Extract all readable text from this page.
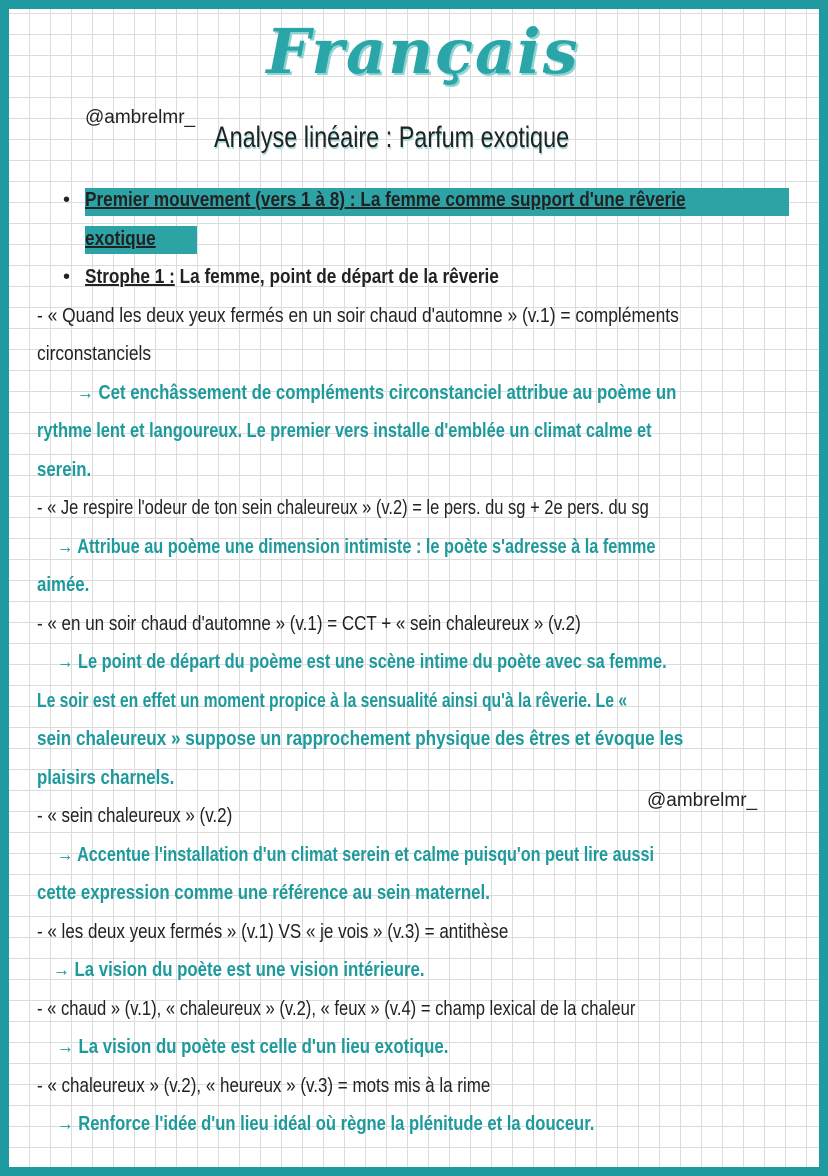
Français
@ambrelmr_
Analyse linéaire : Parfum exotique
• Premier mouvement (vers 1 à 8) : La femme comme support d'une rêverie
exotique
• Strophe 1 : La femme, point de départ de la rêverie
- « Quand les deux yeux fermés en un soir chaud d'automne » (v.1) = compléments
circonstanciels
→ Cet enchâssement de compléments circonstanciel attribue au poème un
rythme lent et langoureux. Le premier vers installe d'emblée un climat calme et
serein.
- « Je respire l'odeur de ton sein chaleureux » (v.2) = le pers. du sg + 2e pers. du sg
→ Attribue au poème une dimension intimiste : le poète s'adresse à la femme
aimée.
- « en un soir chaud d'automne » (v.1) = CCT + « sein chaleureux » (v.2)
→ Le point de départ du poème est une scène intime du poète avec sa femme.
Le soir est en effet un moment propice à la sensualité ainsi qu'à la rêverie. Le «
sein chaleureux » suppose un rapprochement physique des êtres et évoque les
plaisirs charnels.
- « sein chaleureux » (v.2)
→ Accentue l'installation d'un climat serein et calme puisqu'on peut lire aussi
cette expression comme une référence au sein maternel.
- « les deux yeux fermés » (v.1) VS « je vois » (v.3) = antithèse
→ La vision du poète est une vision intérieure.
- « chaud » (v.1), « chaleureux » (v.2), « feux » (v.4) = champ lexical de la chaleur
→ La vision du poète est celle d'un lieu exotique.
- « chaleureux » (v.2), « heureux » (v.3) = mots mis à la rime
→ Renforce l'idée d'un lieu idéal où règne la plénitude et la douceur.
@ambrelmr_
